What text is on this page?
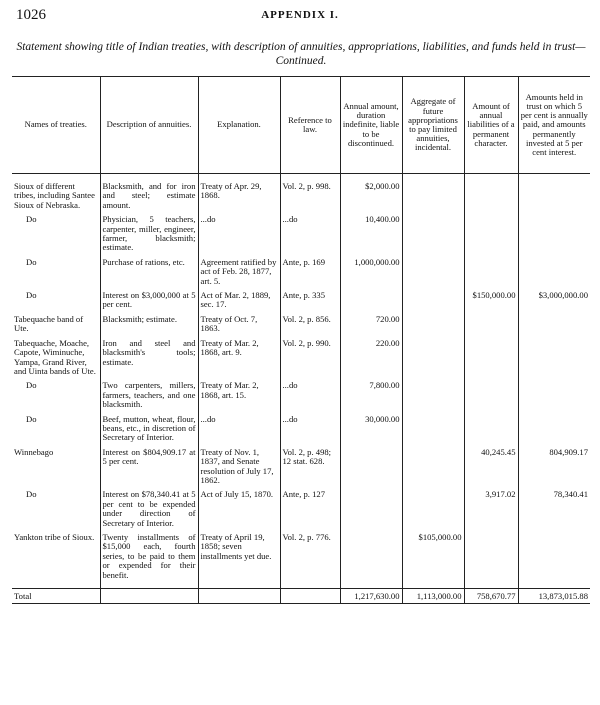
1026	APPENDIX I.
Statement showing title of Indian treaties, with description of annuities, appropriations, liabilities, and funds held in trust—Continued.
Names of treaties.	Description of annuities.	Explanation.	Reference to law.	Annual amount, duration indefinite, liable to be discontinued.	Aggregate of future appropriations to pay limited annuities, incidental.	Amount of annual liabilities of a permanent character.	Amounts held in trust on which 5 per cent is annually paid, and amounts permanently invested at 5 per cent interest.

Sioux of different tribes, including Santee Sioux of Nebraska.	Blacksmith, and for iron and steel; estimate amount.	Treaty of Apr. 29, 1868.	Vol. 2, p. 998.	$2,000.00			

Do	Physician, 5 teachers, carpenter, miller, engineer, farmer, blacksmith; estimate.	...do	...do	10,400.00			

Do	Purchase of rations, etc.	Agreement ratified by act of Feb. 28, 1877, art. 5.	Ante, p. 169	1,000,000.00			

Do	Interest on $3,000,000 at 5 per cent.	Act of Mar. 2, 1889, sec. 17.	Ante, p. 335			$150,000.00	$3,000,000.00

Tabequache band of Ute.	Blacksmith; estimate.	Treaty of Oct. 7, 1863.	Vol. 2, p. 856.	720.00			

Tabequache, Moache, Capote, Wiminuche, Yampa, Grand River, and Uinta bands of Ute.	Iron and steel and blacksmith's tools; estimate.	Treaty of Mar. 2, 1868, art. 9.	Vol. 2, p. 990.	220.00			

Do	Two carpenters, millers, farmers, teachers, and one blacksmith.	Treaty of Mar. 2, 1868, art. 15.	...do	7,800.00			

Do	Beef, mutton, wheat, flour, beans, etc., in discretion of Secretary of Interior.	...do	...do	30,000.00			

Winnebago	Interest on $804,909.17 at 5 per cent.	Treaty of Nov. 1, 1837, and Senate resolution of July 17, 1862.	Vol. 2, p. 498; 12 stat. 628.			40,245.45	804,909.17

Do	Interest on $78,340.41 at 5 per cent to be expended under direction of Secretary of Interior.	Act of July 15, 1870.	Ante, p. 127			3,917.02	78,340.41

Yankton tribe of Sioux.	Twenty installments of $15,000 each, fourth series, to be paid to them or expended for their benefit.	Treaty of April 19, 1858; seven installments yet due.	Vol. 2, p. 776.		$105,000.00		

Total				1,217,630.00	1,113,000.00	758,670.77	13,873,015.88
